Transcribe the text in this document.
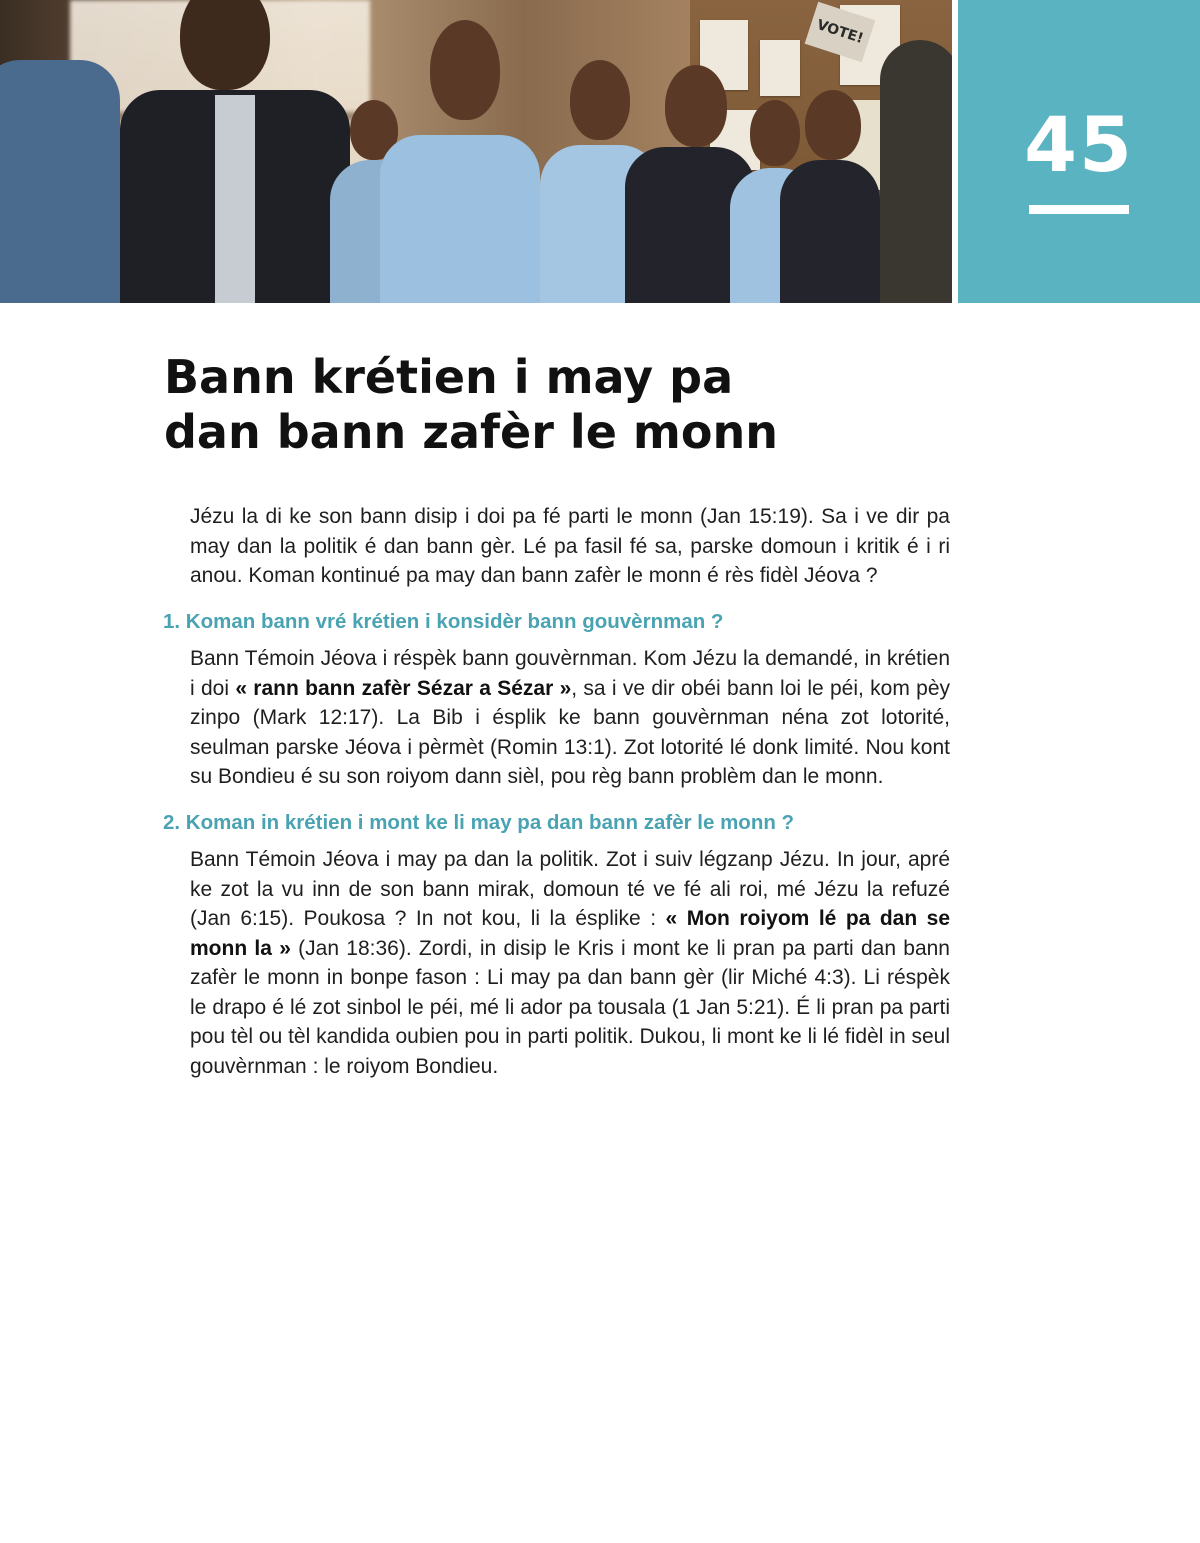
VOTE!
45
Bann krétien i may pa
dan bann zafèr le monn

Jézu la di ke son bann disip i doi pa fé parti le monn (Jan 15:19). Sa i ve dir pa may dan la politik é dan bann gèr. Lé pa fasil fé sa, parske domoun i kritik é i ri anou. Koman kontinué pa may dan bann zafèr le monn é rès fidèl Jéova ?

1. Koman bann vré krétien i konsidèr bann gouvèrnman ?

Bann Témoin Jéova i réspèk bann gouvèrnman. Kom Jézu la demandé, in krétien i doi « rann bann zafèr Sézar a Sézar », sa i ve dir obéi bann loi le péi, kom pèy zinpo (Mark 12:17). La Bib i ésplik ke bann gouvèrnman néna zot lotorité, seulman parske Jéova i pèrmèt (Romin 13:1). Zot lotorité lé donk limité. Nou kont su Bondieu é su son roiyom dann sièl, pou règ bann problèm dan le monn.

2. Koman in krétien i mont ke li may pa dan bann zafèr le monn ?

Bann Témoin Jéova i may pa dan la politik. Zot i suiv légzanp Jézu. In jour, apré ke zot la vu inn de son bann mirak, domoun té ve fé ali roi, mé Jézu la refuzé (Jan 6:15). Poukosa ? In not kou, li la ésplike : « Mon roiyom lé pa dan se monn la » (Jan 18:36). Zordi, in disip le Kris i mont ke li pran pa parti dan bann zafèr le monn in bonpe fason : Li may pa dan bann gèr (lir Miché 4:3). Li réspèk le drapo é lé zot sinbol le péi, mé li ador pa tousala (1 Jan 5:21). É li pran pa parti pou tèl ou tèl kandida oubien pou in parti politik. Dukou, li mont ke li lé fidèl in seul gouvèrnman : le roiyom Bondieu.
